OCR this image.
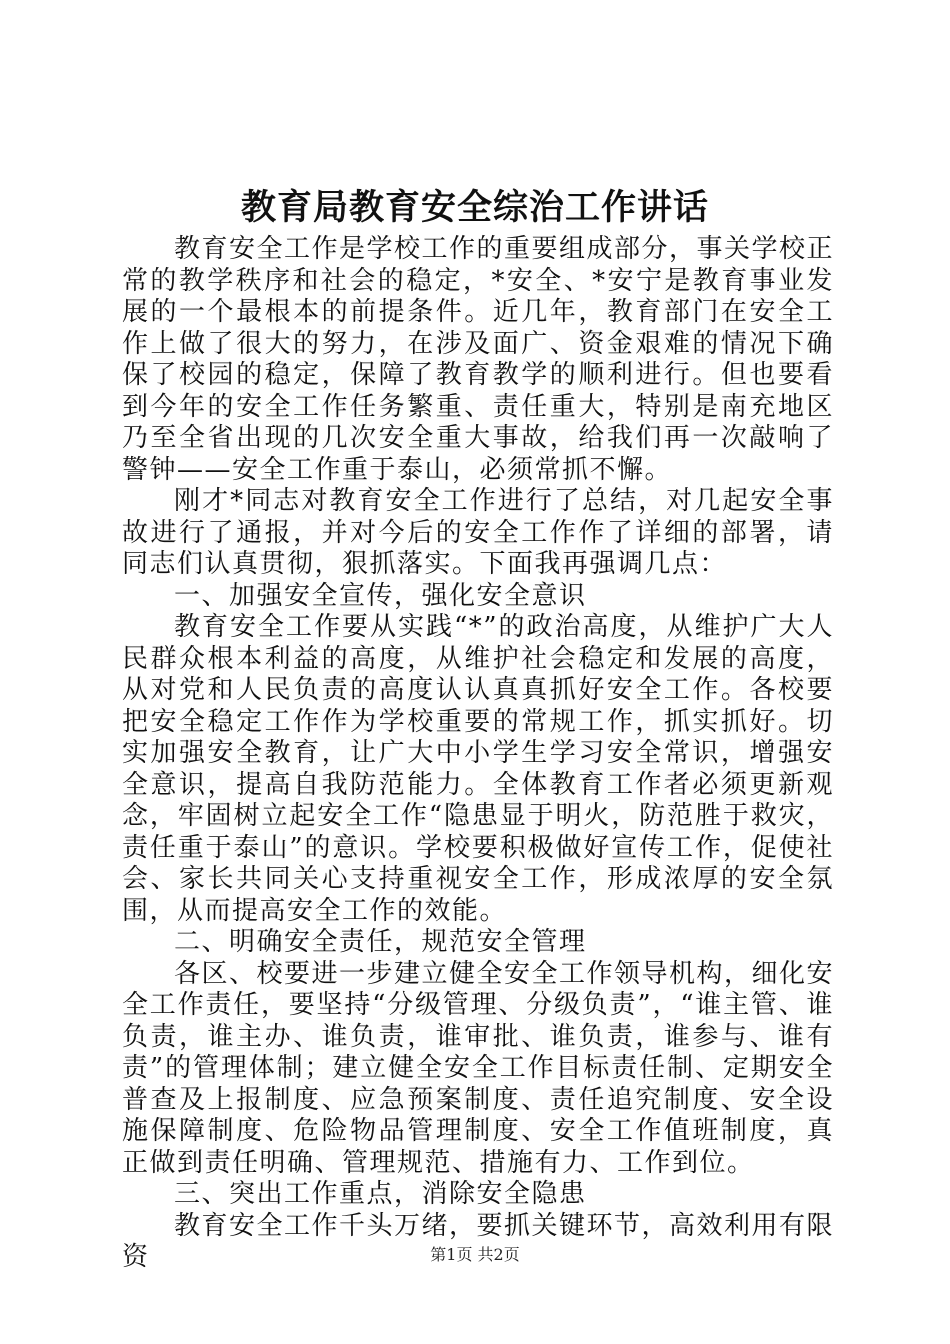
教育局教育安全综治工作讲话

教育安全工作是学校工作的重要组成部分，事关学校正常的教学秩序和社会的稳定，*安全、*安宁是教育事业发展的一个最根本的前提条件。近几年，教育部门在安全工作上做了很大的努力，在涉及面广、资金艰难的情况下确保了校园的稳定，保障了教育教学的顺利进行。但也要看到今年的安全工作任务繁重、责任重大，特别是南充地区乃至全省出现的几次安全重大事故，给我们再一次敲响了警钟——安全工作重于泰山，必须常抓不懈。

刚才*同志对教育安全工作进行了总结，对几起安全事故进行了通报，并对今后的安全工作作了详细的部署，请同志们认真贯彻，狠抓落实。下面我再强调几点：

一、加强安全宣传，强化安全意识

教育安全工作要从实践“*”的政治高度，从维护广大人民群众根本利益的高度，从维护社会稳定和发展的高度，从对党和人民负责的高度认认真真抓好安全工作。各校要把安全稳定工作作为学校重要的常规工作，抓实抓好。切实加强安全教育，让广大中小学生学习安全常识，增强安全意识，提高自我防范能力。全体教育工作者必须更新观念，牢固树立起安全工作“隐患显于明火，防范胜于救灾，责任重于泰山”的意识。学校要积极做好宣传工作，促使社会、家长共同关心支持重视安全工作，形成浓厚的安全氛围，从而提高安全工作的效能。

二、明确安全责任，规范安全管理

各区、校要进一步建立健全安全工作领导机构，细化安全工作责任，要坚持“分级管理、分级负责”，“谁主管、谁负责，谁主办、谁负责，谁审批、谁负责，谁参与、谁有责”的管理体制；建立健全安全工作目标责任制、定期安全普查及上报制度、应急预案制度、责任追究制度、安全设施保障制度、危险物品管理制度、安全工作值班制度，真正做到责任明确、管理规范、措施有力、工作到位。

三、突出工作重点，消除安全隐患

教育安全工作千头万绪，要抓关键环节，高效利用有限资	第1页 共2页
